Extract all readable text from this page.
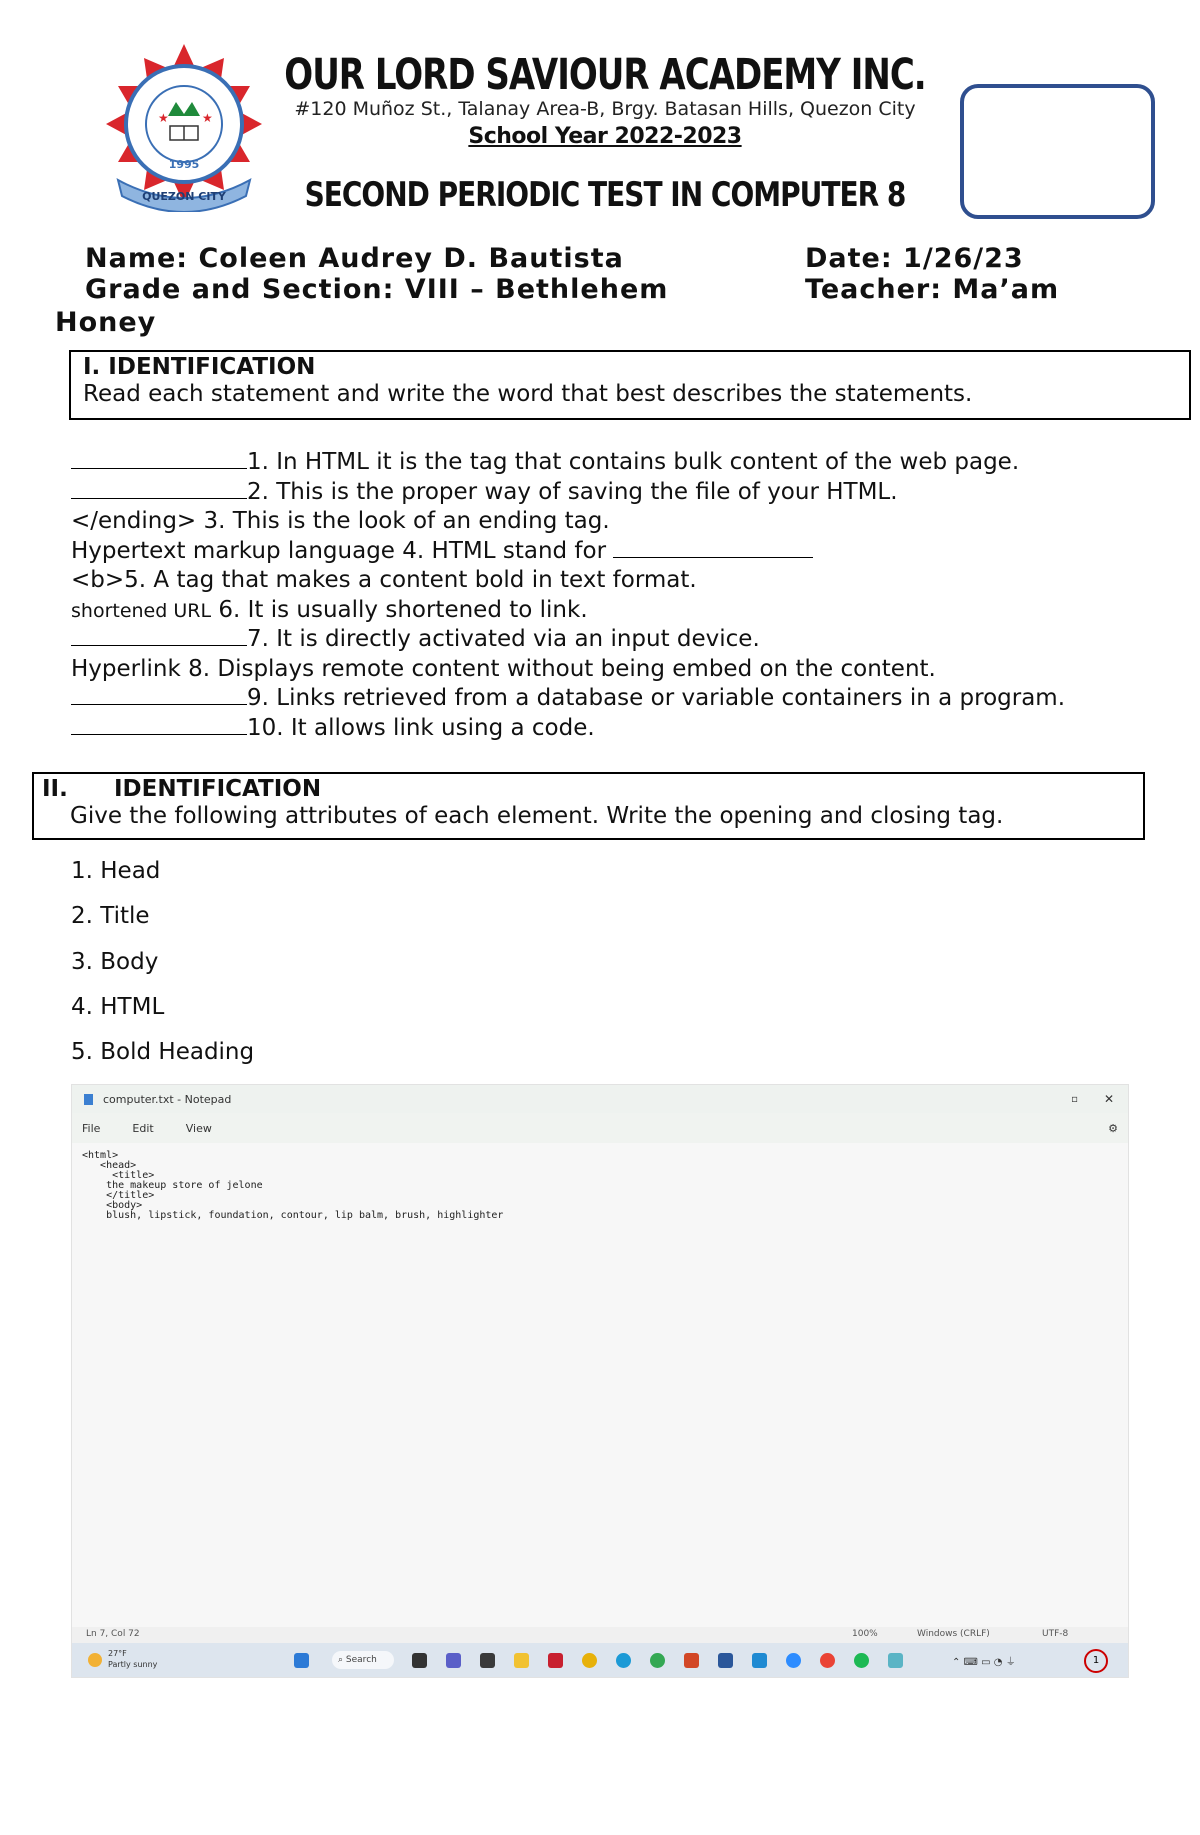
★	★
1995
QUEZON CITY
OUR LORD SAVIOUR ACADEMY INC.
#120 Muñoz St., Talanay Area-B, Brgy. Batasan Hills, Quezon City
School Year 2022-2023
SECOND PERIODIC TEST IN COMPUTER 8
Name: Coleen Audrey D. Bautista
Grade and Section: VIII – Bethlehem
Date: 1/26/23
Teacher: Ma’am
Honey
I. IDENTIFICATION
Read each statement and write the word that best describes the statements.
1. In HTML it is the tag that contains bulk content of the web page.
2. This is the proper way of saving the file of your HTML.
</ending> 3. This is the look of an ending tag.
Hypertext markup language 4. HTML stand for
<b>5. A tag that makes a content bold in text format.
shortened URL 6. It is usually shortened to link.
7. It is directly activated via an input device.
Hyperlink 8. Displays remote content without being embed on the content.
9. Links retrieved from a database or variable containers in a program.
10. It allows link using a code.
II. IDENTIFICATION
Give the following attributes of each element. Write the opening and closing tag.
1. Head
2. Title
3. Body
4. HTML
5. Bold Heading
computer.txt - Notepad	▫ ✕
File	Edit	View	⚙
<html>
<head>
<title>
the makeup store of jelone
</title>
<body>
blush, lipstick, foundation, contour, lip balm, brush, highlighter
Ln 7, Col 72	100%	Windows (CRLF)	UTF-8
27°F
Partly sunny	⌕ Search	⌃ ⌨ ▭ ◔ ⏚	1
